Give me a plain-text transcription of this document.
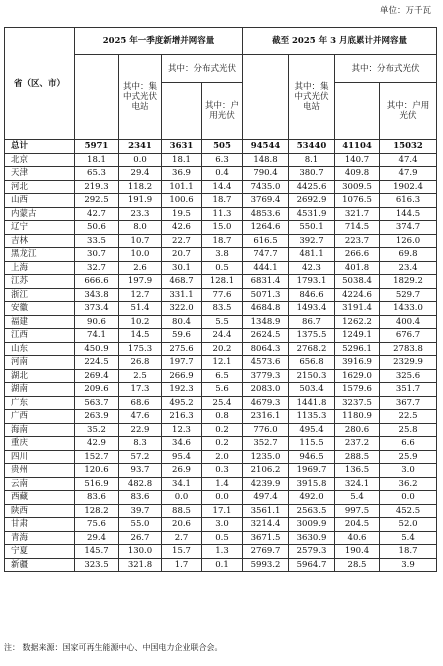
单位：万千瓦
省（区、市）	2025 年一季度新增并网容量				截至 2025 年 3 月底累计并网容量			
		其中：集中式光伏电站	其中：分布式光伏			其中：集中式光伏电站	其中：分布式光伏	
				其中：户用光伏				其中：户用光伏
总计	5971	2341	3631	505	94544	53440	41104	15032
北京	18.1	0.0	18.1	6.3	148.8	8.1	140.7	47.4
天津	65.3	29.4	36.9	0.4	790.4	380.7	409.8	47.9
河北	219.3	118.2	101.1	14.4	7435.0	4425.6	3009.5	1902.4
山西	292.5	191.9	100.6	18.7	3769.4	2692.9	1076.5	616.3
内蒙古	42.7	23.3	19.5	11.3	4853.6	4531.9	321.7	144.5
辽宁	50.6	8.0	42.6	15.0	1264.6	550.1	714.5	374.7
吉林	33.5	10.7	22.7	18.7	616.5	392.7	223.7	126.0
黑龙江	30.7	10.0	20.7	3.8	747.7	481.1	266.6	69.8
上海	32.7	2.6	30.1	0.5	444.1	42.3	401.8	23.4
江苏	666.6	197.9	468.7	128.1	6831.4	1793.1	5038.4	1829.2
浙江	343.8	12.7	331.1	77.6	5071.3	846.6	4224.6	529.7
安徽	373.4	51.4	322.0	83.5	4684.8	1493.4	3191.4	1433.0
福建	90.6	10.2	80.4	5.5	1348.9	86.7	1262.2	400.4
江西	74.1	14.5	59.6	24.4	2624.5	1375.5	1249.1	676.7
山东	450.9	175.3	275.6	20.2	8064.3	2768.2	5296.1	2783.8
河南	224.5	26.8	197.7	12.1	4573.6	656.8	3916.9	2329.9
湖北	269.4	2.5	266.9	6.5	3779.3	2150.3	1629.0	325.6
湖南	209.6	17.3	192.3	5.6	2083.0	503.4	1579.6	351.7
广东	563.7	68.6	495.2	25.4	4679.3	1441.8	3237.5	367.7
广西	263.9	47.6	216.3	0.8	2316.1	1135.3	1180.9	22.5
海南	35.2	22.9	12.3	0.2	776.0	495.4	280.6	25.8
重庆	42.9	8.3	34.6	0.2	352.7	115.5	237.2	6.6
四川	152.7	57.2	95.4	2.0	1235.0	946.5	288.5	25.9
贵州	120.6	93.7	26.9	0.3	2106.2	1969.7	136.5	3.0
云南	516.9	482.8	34.1	1.4	4239.9	3915.8	324.1	36.2
西藏	83.6	83.6	0.0	0.0	497.4	492.0	5.4	0.0
陕西	128.2	39.7	88.5	17.1	3561.1	2563.5	997.5	452.5
甘肃	75.6	55.0	20.6	3.0	3214.4	3009.9	204.5	52.0
青海	29.4	26.7	2.7	0.5	3671.5	3630.9	40.6	5.4
宁夏	145.7	130.0	15.7	1.3	2769.7	2579.3	190.4	18.7
新疆	323.5	321.8	1.7	0.1	5993.2	5964.7	28.5	3.9
注： 数据来源：国家可再生能源中心、中国电力企业联合会。
